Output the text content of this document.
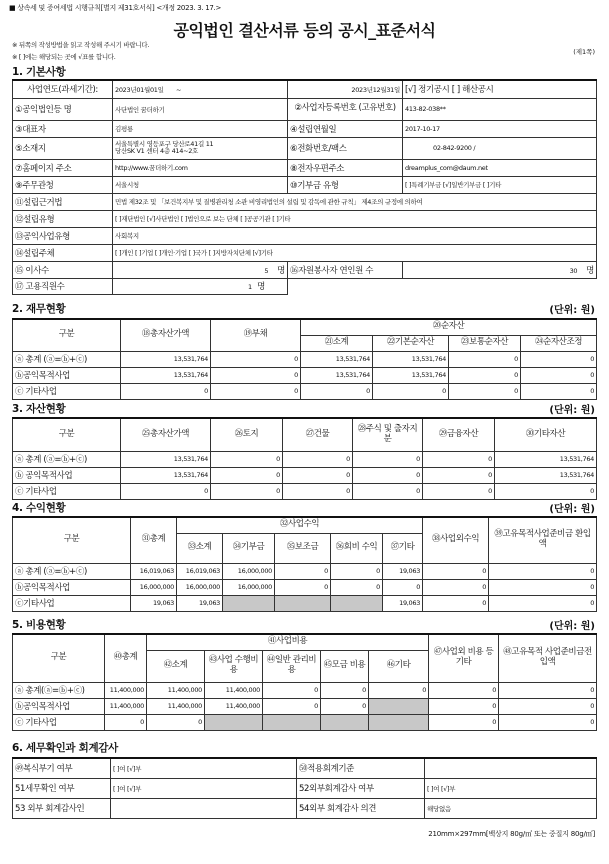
■ 상속세 및 증여세법 시행규칙[별지 제31호서식] <개정 2023. 3. 17.>
공익법인 결산서류 등의 공시_표준서식
※ 뒤쪽의 작성방법을 읽고 작성해 주시기 바랍니다.
※ [ ]에는 해당되는 곳에 √표를 합니다.
(제1쪽)
1. 기본사항
사업연도(과세기간):	2023년01월01일 ~	2023년12월31일	[√] 정기공시 [ ] 해산공시
①공익법인등 명	사단법인 꿈더하기	②사업자등록번호 (고유번호)	413-82-038**
③대표자	김평룡	④설립연월일	2017-10-17
⑤소재지	서울특별시 영등포구 당산로41길 11
당산SK V1 센터 4층 414~2호	⑥전화번호/팩스	02-842-9200 /
⑦홈페이지 주소	http://www.꿈더하기.com	⑧전자우편주소	dreamplus_com@daum.net
⑨주무관청	서울시청	⑩기부금 유형	[ ]특례기부금 [√]일반기부금 [ ]기타
⑪설립근거법	민법 제32조 및 「보건복지부 및 질병관리청 소관 비영리법인의 설립 및 감독에 관한 규칙」 제4조의 규정에 의하여		
⑫설립유형	[ ]재단법인 [√]사단법인 [ ]법인으로 보는 단체 [ ]공공기관 [ ]기타		
⑬공익사업유형	사회복지		
⑭설립주체	[ ]개인 [ ]기업 [ ]개인·기업 [ ]국가 [ ]지방자치단체 [√]기타		
⑮ 이사수	5 명	⑯자원봉사자 연인원 수	30 명
⑰ 고용직원수	1 명		
2. 재무현황	(단위: 원)
구분	⑱총자산가액	⑲부채	⑳순자산			
			㉑소계	㉒기본순자산	㉓보통순자산	㉔순자산조정
ⓐ 총계 (ⓐ=ⓑ+ⓒ)	13,531,764	0	13,531,764	13,531,764	0	0
ⓑ공익목적사업	13,531,764	0	13,531,764	13,531,764	0	0
ⓒ 기타사업	0	0	0	0	0	0
3. 자산현황	(단위: 원)
구분	㉕총자산가액	㉖토지	㉗건물	㉘주식 및 출자지분	㉙금융자산	㉚기타자산
ⓐ 총계 (ⓐ=ⓑ+ⓒ)	13,531,764	0	0	0	0	13,531,764
ⓑ 공익목적사업	13,531,764	0	0	0	0	13,531,764
ⓒ 기타사업	0	0	0	0	0	0
4. 수익현황	(단위: 원)
구분	㉛총계	㉜사업수익					㊳사업외수익	㊴고유목적사업준비금 환입액
		㉝소계	㉞기부금	㉟보조금	㊱회비 수익	㊲기타		
ⓐ 총계 (ⓐ=ⓑ+ⓒ)	16,019,063	16,019,063	16,000,000	0	0	19,063	0	0
ⓑ공익목적사업	16,000,000	16,000,000	16,000,000	0	0	0	0	0
ⓒ기타사업	19,063	19,063				19,063	0	0
5. 비용현황	(단위: 원)
구분	㊵총계	㊶사업비용					㊼사업외 비용 등 기타	㊽고유목적 사업준비금전입액
		㊷소계	㊸사업 수행비용	㊹일반 관리비용	㊺모금 비용	㊻기타		
ⓐ 총계(ⓐ=ⓑ+ⓒ)	11,400,000	11,400,000	11,400,000	0	0	0	0	0
ⓑ공익목적사업	11,400,000	11,400,000	11,400,000	0	0		0	0
ⓒ 기타사업	0	0					0	0
6. 세무확인과 회계감사
㊾복식부기 여부	[ ]여 [√]부	㊿적용회계기준	
51세무확인 여부	[ ]여 [√]부	52외부회계감사 여부	[ ]여 [√]부
53 외부 회계감사인		54외부 회계감사 의견	해당없음
210mm×297mm[백상지 80g/㎡ 또는 중질지 80g/㎡]
